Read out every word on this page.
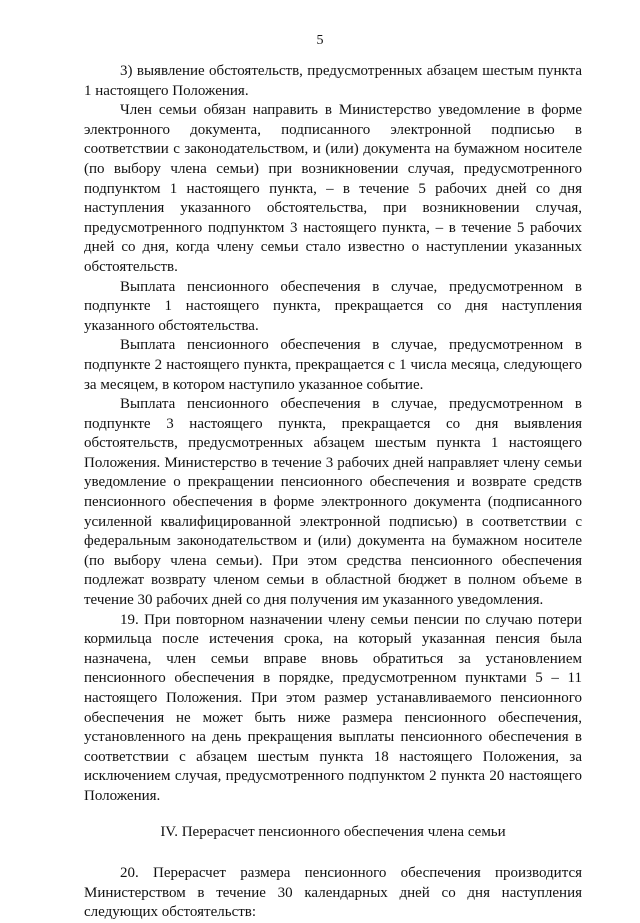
5

3) выявление обстоятельств, предусмотренных абзацем шестым пункта 1 настоящего Положения.

Член семьи обязан направить в Министерство уведомление в форме электронного документа, подписанного электронной подписью в соответствии с законодательством, и (или) документа на бумажном носителе (по выбору члена семьи) при возникновении случая, предусмотренного подпунктом 1 настоящего пункта, – в течение 5 рабочих дней со дня наступления указанного обстоятельства, при возникновении случая, предусмотренного подпунктом 3 настоящего пункта, – в течение 5 рабочих дней со дня, когда члену семьи стало известно о наступлении указанных обстоятельств.

Выплата пенсионного обеспечения в случае, предусмотренном в подпункте 1 настоящего пункта, прекращается со дня наступления указанного обстоятельства.

Выплата пенсионного обеспечения в случае, предусмотренном в подпункте 2 настоящего пункта, прекращается с 1 числа месяца, следующего за месяцем, в котором наступило указанное событие.

Выплата пенсионного обеспечения в случае, предусмотренном в подпункте 3 настоящего пункта, прекращается со дня выявления обстоятельств, предусмотренных абзацем шестым пункта 1 настоящего Положения. Министерство в течение 3 рабочих дней направляет члену семьи уведомление о прекращении пенсионного обеспечения и возврате средств пенсионного обеспечения в форме электронного документа (подписанного усиленной квалифицированной электронной подписью) в соответствии с федеральным законодательством и (или) документа на бумажном носителе (по выбору члена семьи). При этом средства пенсионного обеспечения подлежат возврату членом семьи в областной бюджет в полном объеме в течение 30 рабочих дней со дня получения им указанного уведомления.

19. При повторном назначении члену семьи пенсии по случаю потери кормильца после истечения срока, на который указанная пенсия была назначена, член семьи вправе вновь обратиться за установлением пенсионного обеспечения в порядке, предусмотренном пунктами 5 – 11 настоящего Положения. При этом размер устанавливаемого пенсионного обеспечения не может быть ниже размера пенсионного обеспечения, установленного на день прекращения выплаты пенсионного обеспечения в соответствии с абзацем шестым пункта 18 настоящего Положения, за исключением случая, предусмотренного подпунктом 2 пункта 20 настоящего Положения.

IV. Перерасчет пенсионного обеспечения члена семьи

20. Перерасчет размера пенсионного обеспечения производится Министерством в течение 30 календарных дней со дня наступления следующих обстоятельств:
